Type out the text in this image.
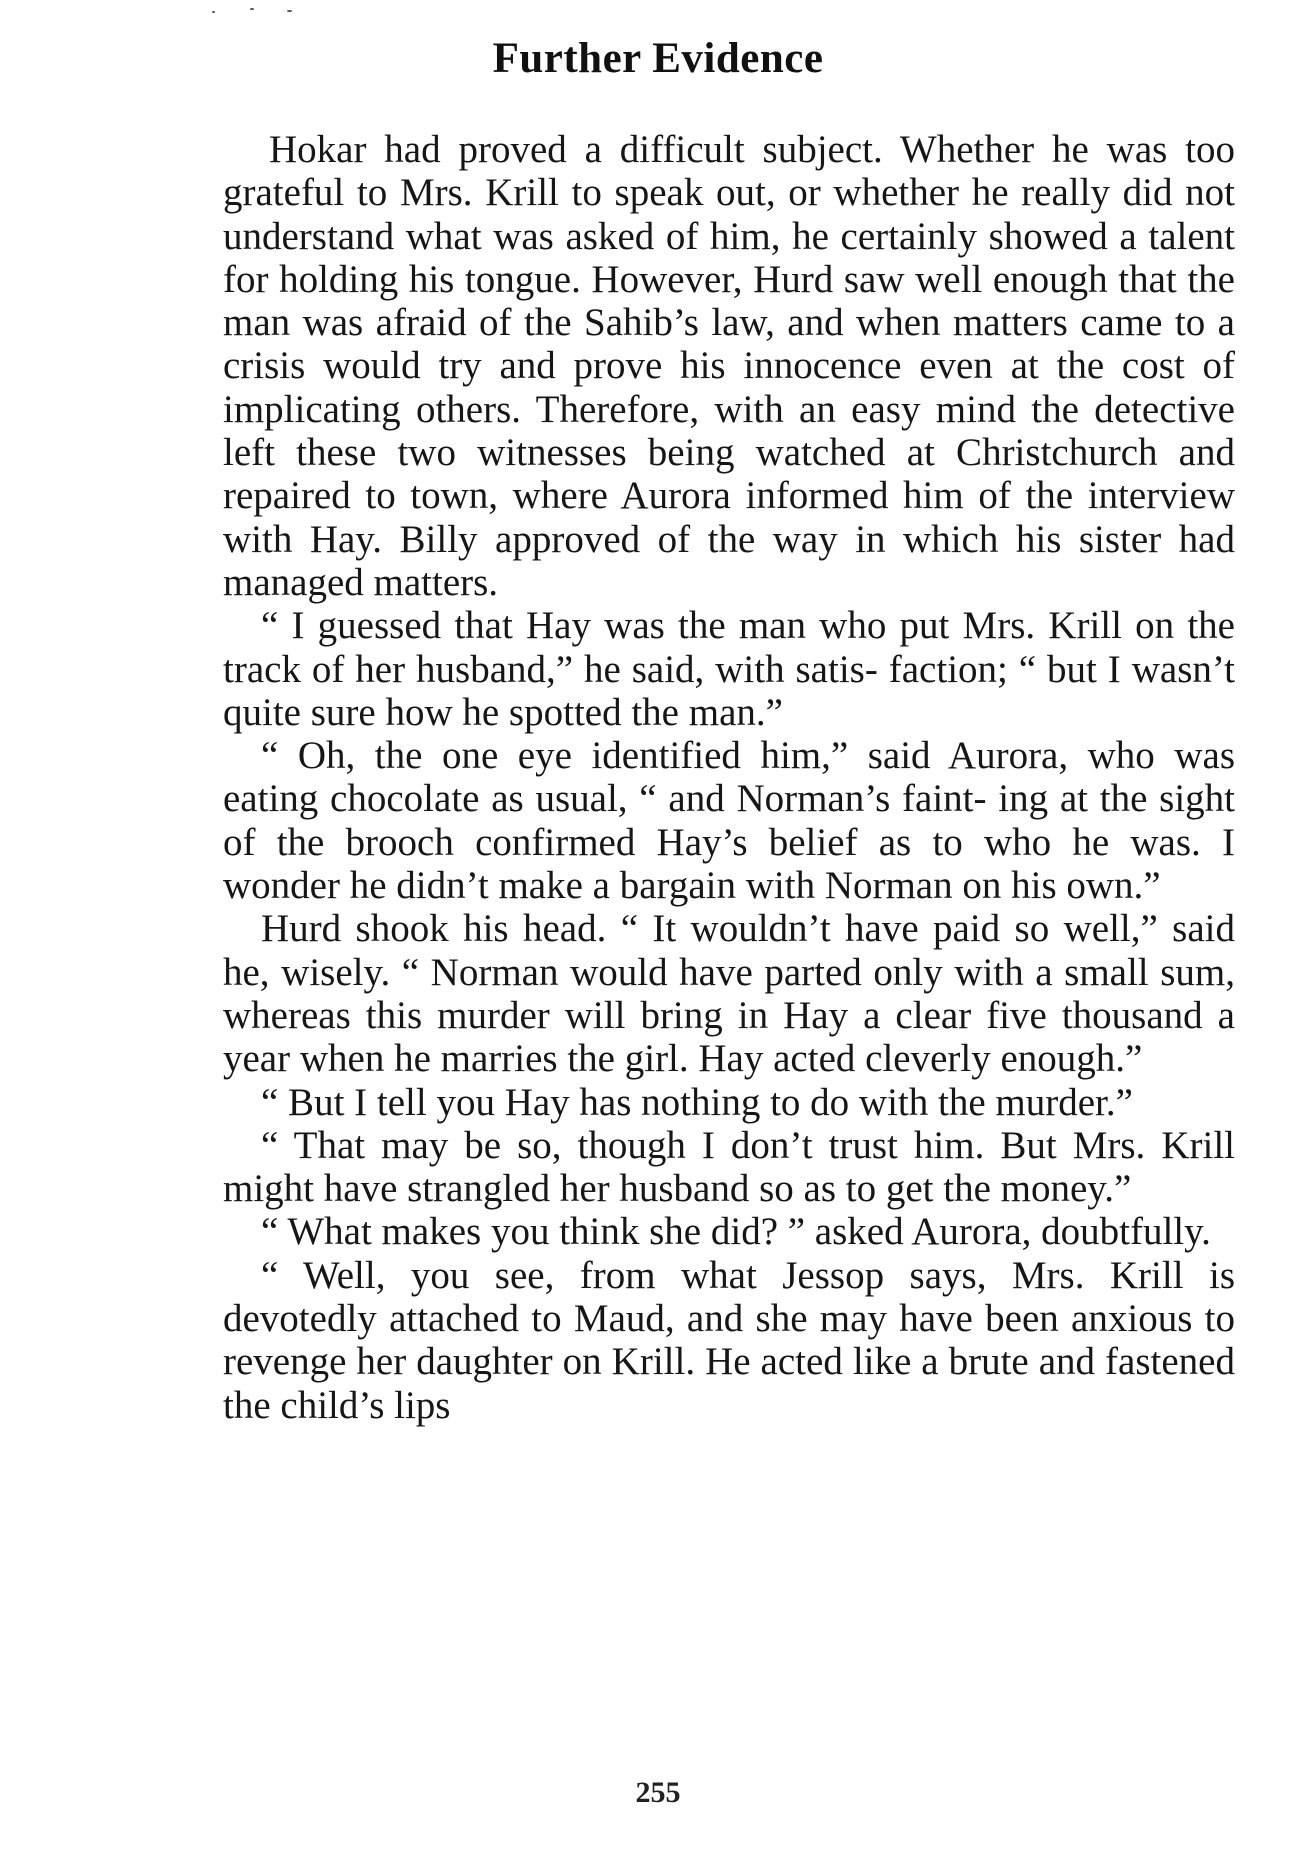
Further Evidence

Hokar had proved a difficult subject. Whether he was too grateful to Mrs. Krill to speak out, or whether he really did not understand what was asked of him, he certainly showed a talent for holding his tongue. However, Hurd saw well enough that the man was afraid of the Sahib’s law, and when matters came to a crisis would try and prove his innocence even at the cost of implicating others. Therefore, with an easy mind the detective left these two witnesses being watched at Christchurch and repaired to town, where Aurora informed him of the interview with Hay. Billy approved of the way in which his sister had managed matters.

“ I guessed that Hay was the man who put Mrs. Krill on the track of her husband,” he said, with satis- faction; “ but I wasn’t quite sure how he spotted the man.”

“ Oh, the one eye identified him,” said Aurora, who was eating chocolate as usual, “ and Norman’s faint- ing at the sight of the brooch confirmed Hay’s belief as to who he was. I wonder he didn’t make a bargain with Norman on his own.”

Hurd shook his head. “ It wouldn’t have paid so well,” said he, wisely. “ Norman would have parted only with a small sum, whereas this murder will bring in Hay a clear five thousand a year when he marries the girl. Hay acted cleverly enough.”

“ But I tell you Hay has nothing to do with the murder.”

“ That may be so, though I don’t trust him. But Mrs. Krill might have strangled her husband so as to get the money.”

“ What makes you think she did? ” asked Aurora, doubtfully.

“ Well, you see, from what Jessop says, Mrs. Krill is devotedly attached to Maud, and she may have been anxious to revenge her daughter on Krill. He acted like a brute and fastened the child’s lips

255
